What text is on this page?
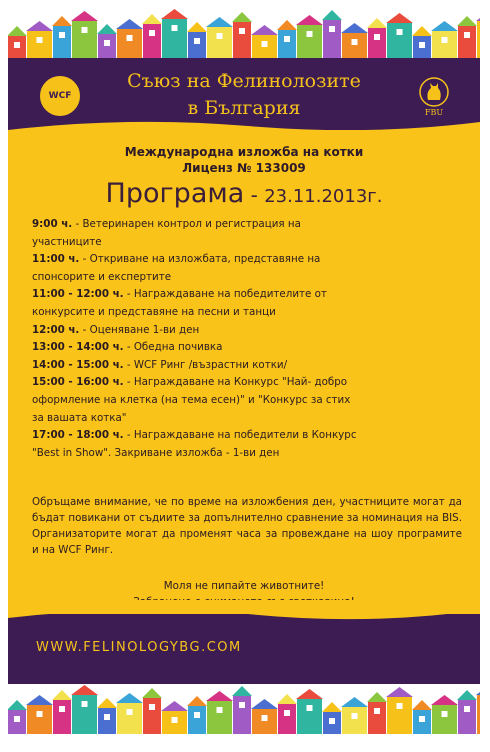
WCF
Съюз на Фелинолозите
в България	FBU
Международна изложба на котки
Лиценз № 133009
Програма - 23.11.2013г.
9:00 ч. - Ветеринарен контрол и регистрация на
участниците
11:00 ч. - Откриване на изложбата, представяне на
спонсорите и експертите
11:00 - 12:00 ч. - Награждаване на победителите от
конкурсите и представяне на песни и танци
12:00 ч. - Оценяване 1-ви ден
13:00 - 14:00 ч. - Обедна почивка
14:00 - 15:00 ч. - WCF Ринг /възрастни котки/
15:00 - 16:00 ч. - Награждаване на Конкурс "Най- добро
оформление на клетка (на тема есен)" и "Конкурс за стих
за вашата котка"
17:00 - 18:00 ч. - Награждаване на победители в Конкурс
"Best in Show". Закриване изложба - 1-ви ден
Обръщаме внимание, че по време на изложбения ден, участниците могат да бъдат повикани от съдиите за допълнително сравнение за номинация на BIS. Организаторите могат да променят часа за провеждане на шоу програмите и на WCF Ринг.
Моля не пипайте животните!
WWW.FELINOLOGYBG.COM
